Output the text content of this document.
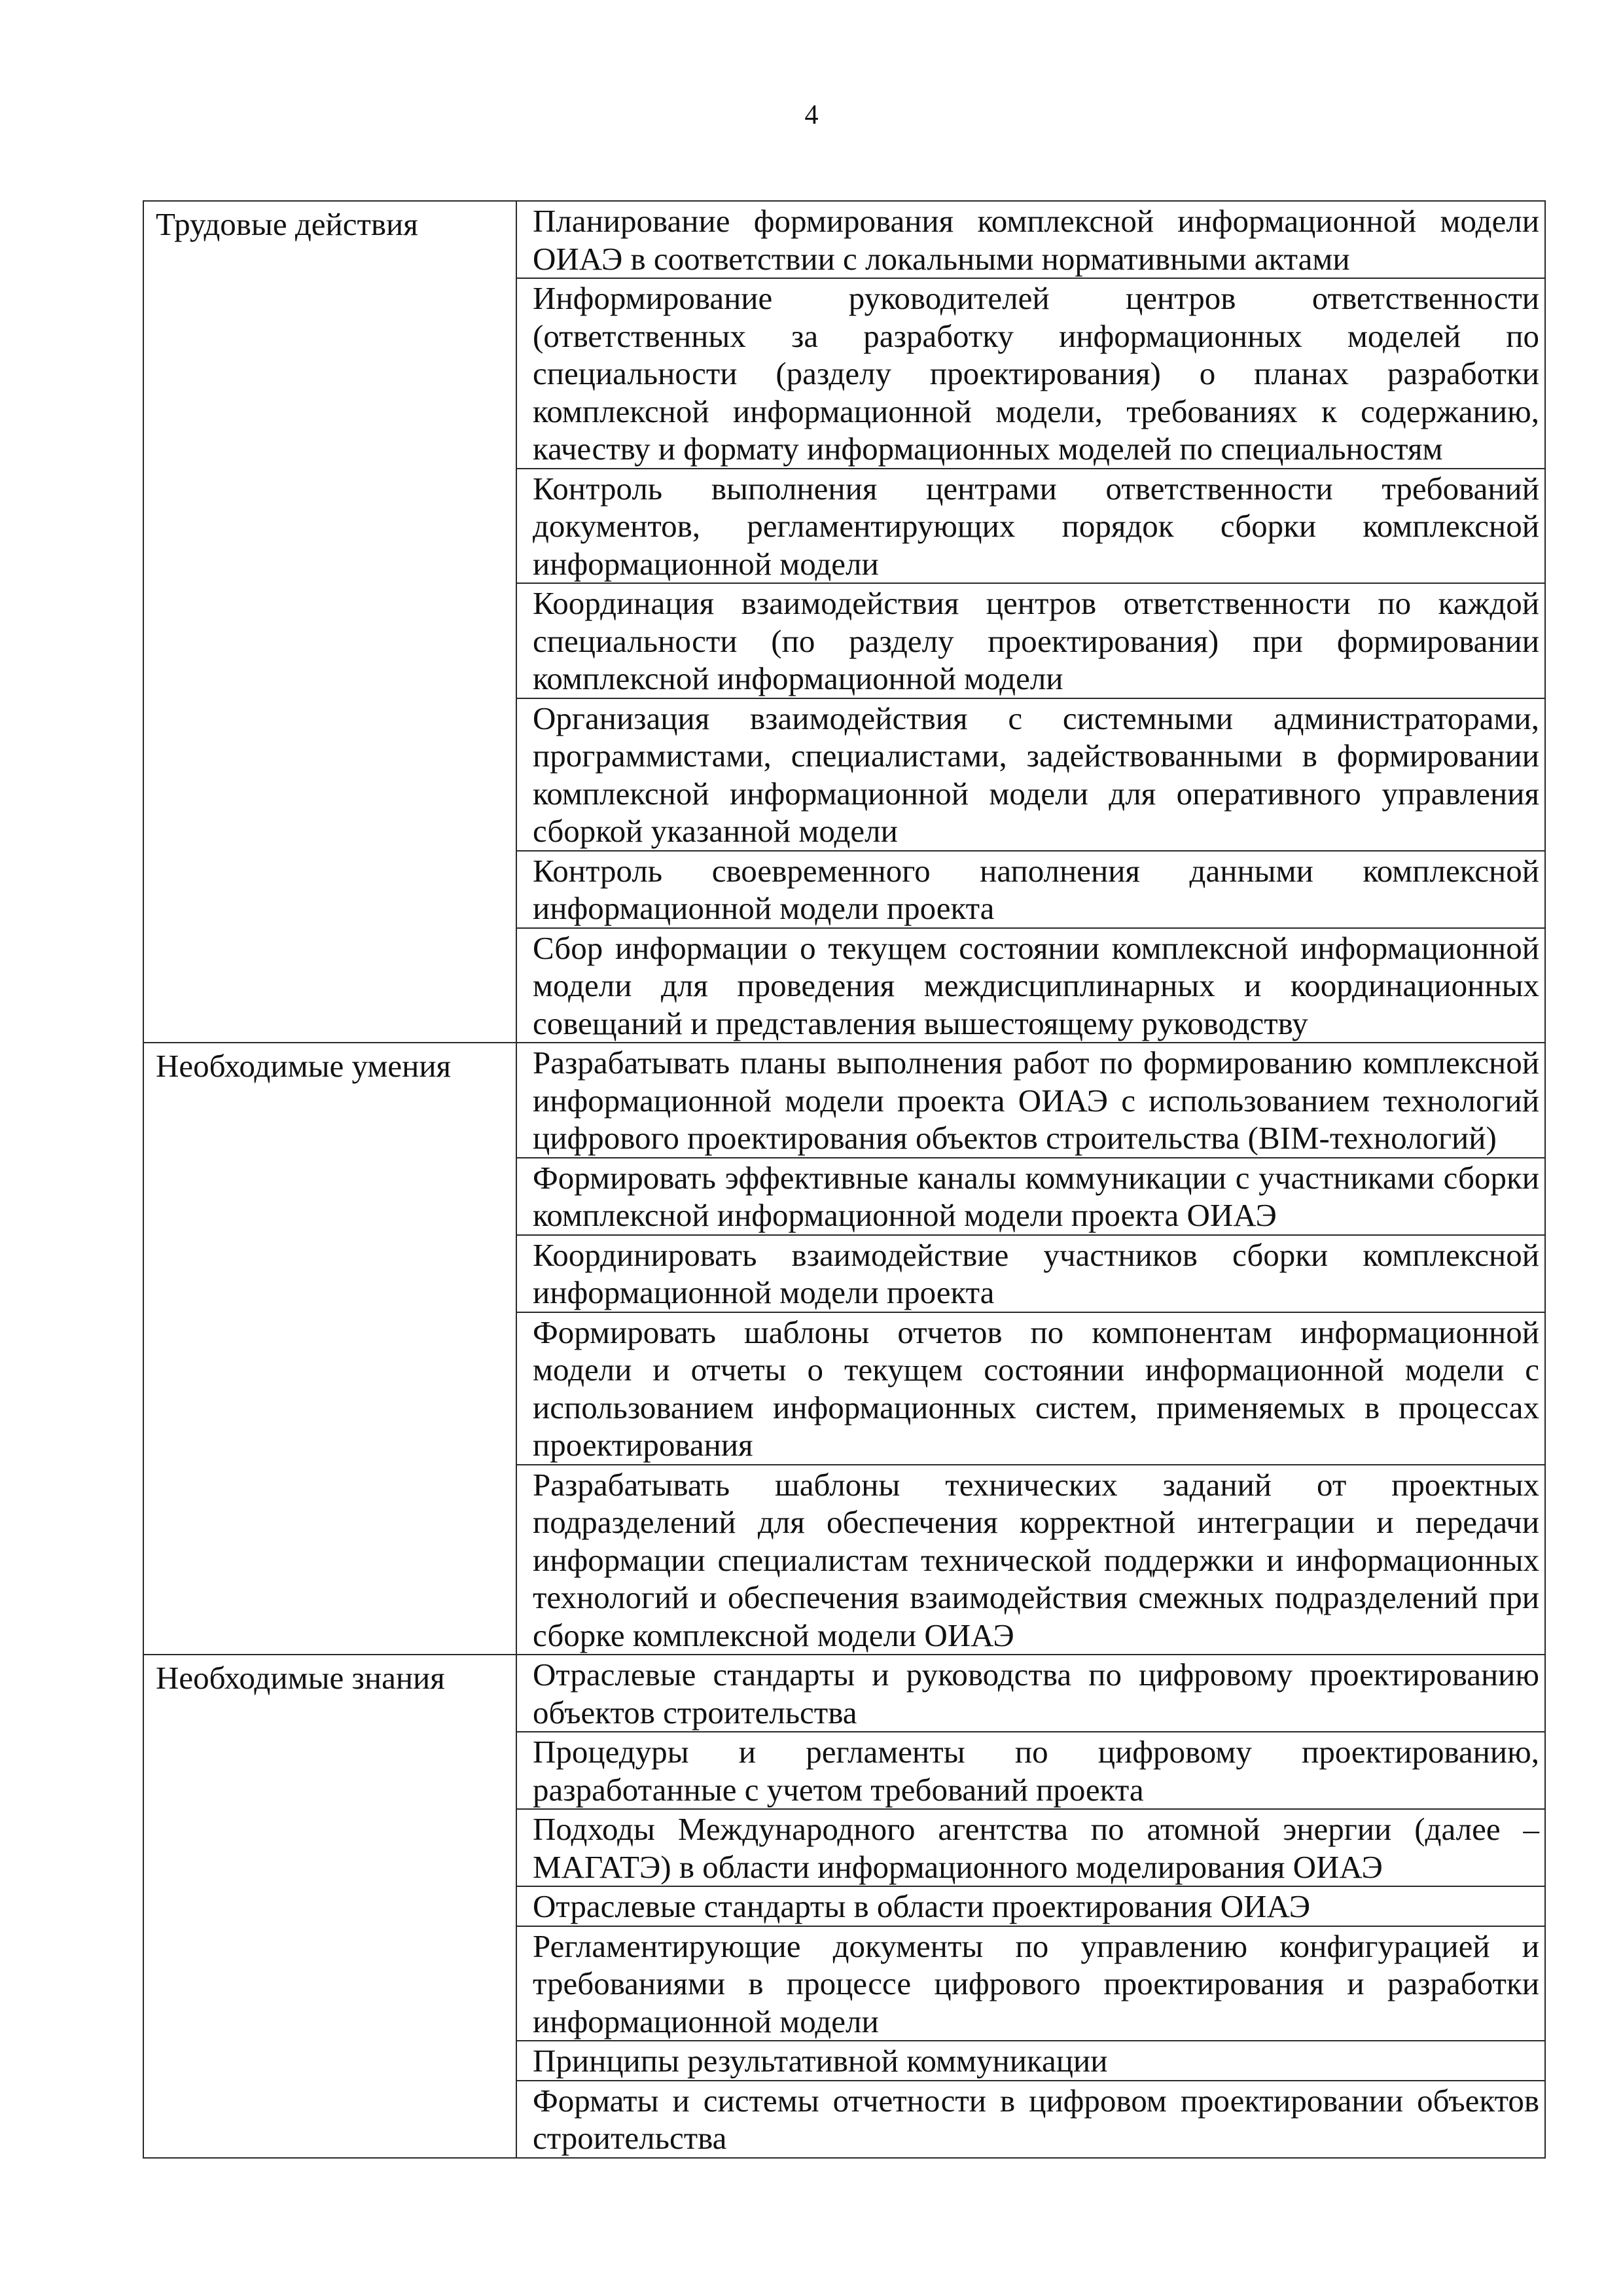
4
Трудовые действия	Планирование формирования комплексной информационной модели ОИАЭ в соответствии с локальными нормативными актами
	Информирование руководителей центров ответственности (ответственных за разработку информационных моделей по специальности (разделу проектирования) о планах разработки комплексной информационной модели, требованиях к содержанию, качеству и формату информационных моделей по специальностям
	Контроль выполнения центрами ответственности требований документов, регламентирующих порядок сборки комплексной информационной модели
	Координация взаимодействия центров ответственности по каждой специальности (по разделу проектирования) при формировании комплексной информационной модели
	Организация взаимодействия с системными администраторами, программистами, специалистами, задействованными в формировании комплексной информационной модели для оперативного управления сборкой указанной модели
	Контроль своевременного наполнения данными комплексной информационной модели проекта
	Сбор информации о текущем состоянии комплексной информационной модели для проведения междисциплинарных и координационных совещаний и представления вышестоящему руководству
Необходимые умения	Разрабатывать планы выполнения работ по формированию комплексной информационной модели проекта ОИАЭ с использованием технологий цифрового проектирования объектов строительства (BIM-технологий)
	Формировать эффективные каналы коммуникации с участниками сборки комплексной информационной модели проекта ОИАЭ
	Координировать взаимодействие участников сборки комплексной информационной модели проекта
	Формировать шаблоны отчетов по компонентам информационной модели и отчеты о текущем состоянии информационной модели с использованием информационных систем, применяемых в процессах проектирования
	Разрабатывать шаблоны технических заданий от проектных подразделений для обеспечения корректной интеграции и передачи информации специалистам технической поддержки и информационных технологий и обеспечения взаимодействия смежных подразделений при сборке комплексной модели ОИАЭ
Необходимые знания	Отраслевые стандарты и руководства по цифровому проектированию объектов строительства
	Процедуры и регламенты по цифровому проектированию, разработанные с учетом требований проекта
	Подходы Международного агентства по атомной энергии (далее – МАГАТЭ) в области информационного моделирования ОИАЭ
	Отраслевые стандарты в области проектирования ОИАЭ
	Регламентирующие документы по управлению конфигурацией и требованиями в процессе цифрового проектирования и разработки информационной модели
	Принципы результативной коммуникации
	Форматы и системы отчетности в цифровом проектировании объектов строительства
